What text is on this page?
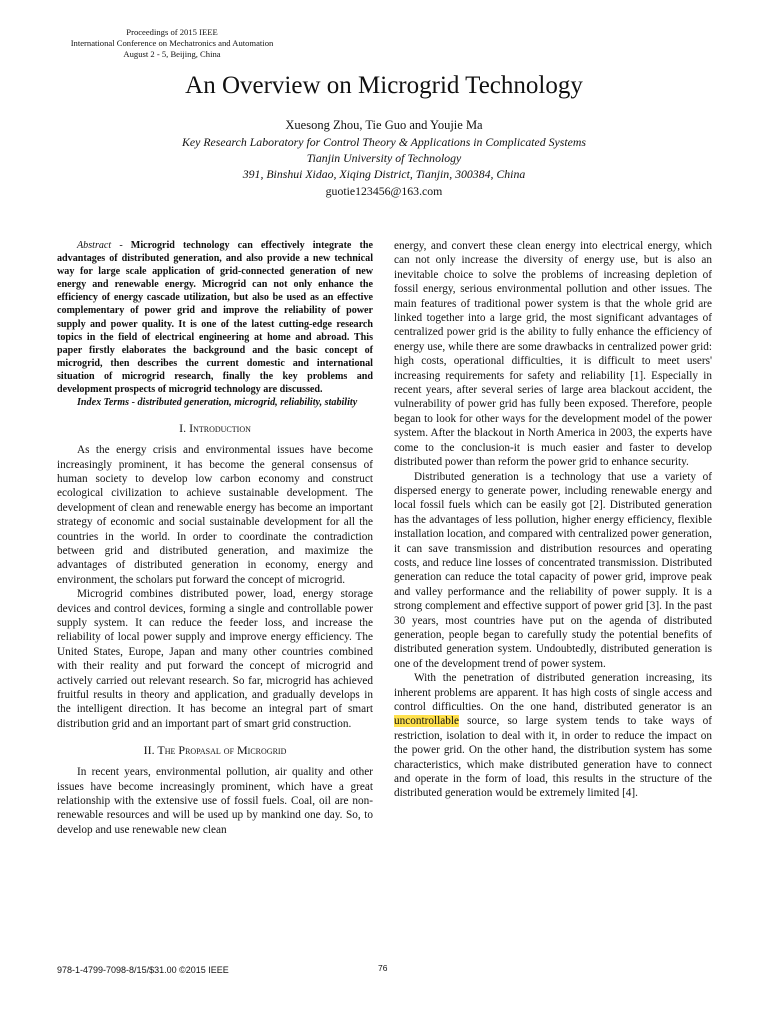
Proceedings of 2015 IEEE
International Conference on Mechatronics and Automation
August 2 - 5, Beijing, China
An Overview on Microgrid Technology
Xuesong Zhou, Tie Guo and Youjie Ma
Key Research Laboratory for Control Theory & Applications in Complicated Systems
Tianjin University of Technology
391, Binshui Xidao, Xiqing District, Tianjin, 300384, China
guotie123456@163.com

Abstract - Microgrid technology can effectively integrate the advantages of distributed generation, and also provide a new technical way for large scale application of grid-connected generation of new energy and renewable energy. Microgrid can not only enhance the efficiency of energy cascade utilization, but also be used as an effective complementary of power grid and improve the reliability of power supply and power quality. It is one of the latest cutting-edge research topics in the field of electrical engineering at home and abroad. This paper firstly elaborates the background and the basic concept of microgrid, then describes the current domestic and international situation of microgrid research, finally the key problems and development prospects of microgrid technology are discussed.

Index Terms - distributed generation, microgrid, reliability, stability

I. Introduction

As the energy crisis and environmental issues have become increasingly prominent, it has become the general consensus of human society to develop low carbon economy and construct ecological civilization to achieve sustainable development. The development of clean and renewable energy has become an important strategy of economic and social sustainable development for all the countries in the world. In order to coordinate the contradiction between grid and distributed generation, and maximize the advantages of distributed generation in economy, energy and environment, the scholars put forward the concept of microgrid.

Microgrid combines distributed power, load, energy storage devices and control devices, forming a single and controllable power supply system. It can reduce the feeder loss, and increase the reliability of local power supply and improve energy efficiency. The United States, Europe, Japan and many other countries combined with their reality and put forward the concept of microgrid and actively carried out relevant research. So far, microgrid has achieved fruitful results in theory and application, and gradually develops in the intelligent direction. It has become an integral part of smart distribution grid and an important part of smart grid construction.

II. The Propasal of Microgrid

In recent years, environmental pollution, air quality and other issues have become increasingly prominent, which have a great relationship with the extensive use of fossil fuels. Coal, oil are non-renewable resources and will be used up by mankind one day. So, to develop and use renewable new clean

energy, and convert these clean energy into electrical energy, which can not only increase the diversity of energy use, but is also an inevitable choice to solve the problems of increasing depletion of fossil energy, serious environmental pollution and other issues. The main features of traditional power system is that the whole grid are linked together into a large grid, the most significant advantages of centralized power grid is the ability to fully enhance the efficiency of energy use, while there are some drawbacks in centralized power grid: high costs, operational difficulties, it is difficult to meet users' increasing requirements for safety and reliability [1]. Especially in recent years, after several series of large area blackout accident, the vulnerability of power grid has fully been exposed. Therefore, people began to look for other ways for the development model of the power system. After the blackout in North America in 2003, the experts have come to the conclusion-it is much easier and faster to develop distributed power than reform the power grid to enhance security.

Distributed generation is a technology that use a variety of dispersed energy to generate power, including renewable energy and local fossil fuels which can be easily got [2]. Distributed generation has the advantages of less pollution, higher energy efficiency, flexible installation location, and compared with centralized power generation, it can save transmission and distribution resources and operating costs, and reduce line losses of concentrated transmission. Distributed generation can reduce the total capacity of power grid, improve peak and valley performance and the reliability of power supply. It is a strong complement and effective support of power grid [3]. In the past 30 years, most countries have put on the agenda of distributed generation, people began to carefully study the potential benefits of distributed generation system. Undoubtedly, distributed generation is one of the development trend of power system.

With the penetration of distributed generation increasing, its inherent problems are apparent. It has high costs of single access and control difficulties. On the one hand, distributed generator is an uncontrollable source, so large system tends to take ways of restriction, isolation to deal with it, in order to reduce the impact on the power grid. On the other hand, the distribution system has some characteristics, which make distributed generation have to connect and operate in the form of load, this results in the structure of the distributed generation would be extremely limited [4].

978-1-4799-7098-8/15/$31.00 ©2015 IEEE	76
